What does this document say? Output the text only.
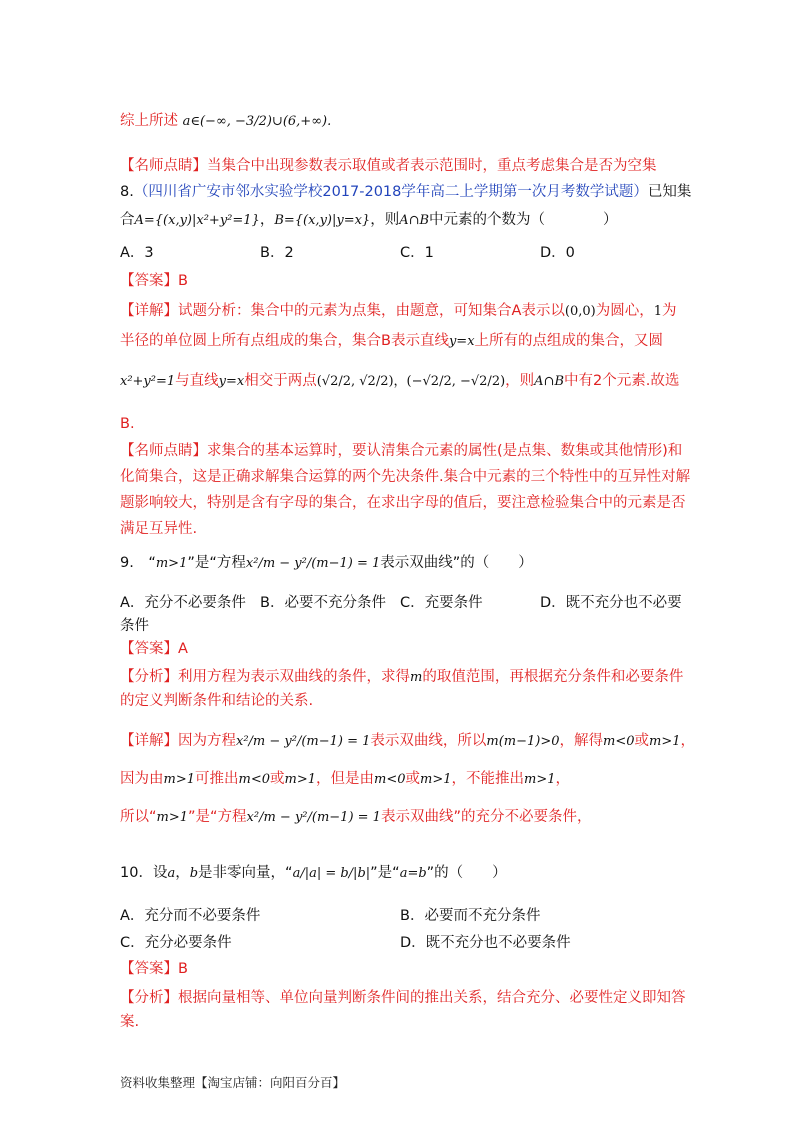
综上所述 a∈(−∞, −3/2)∪(6,+∞).
【名师点睛】当集合中出现参数表示取值或者表示范围时，重点考虑集合是否为空集
8.（四川省广安市邻水实验学校2017-2018学年高二上学期第一次月考数学试题）已知集
合A={(x,y)|x²+y²=1}，B={(x,y)|y=x}，则A∩B中元素的个数为（　　　　）
A．3	B．2	C．1	D．0
【答案】B
【详解】试题分析：集合中的元素为点集，由题意，可知集合A表示以(0,0)为圆心，1为
半径的单位圆上所有点组成的集合，集合B表示直线y=x上所有的点组成的集合，又圆
x²+y²=1与直线y=x相交于两点(√2/2, √2/2)，(−√2/2, −√2/2)，则A∩B中有2个元素.故选
B.
【名师点睛】求集合的基本运算时，要认清集合元素的属性(是点集、数集或其他情形)和
化简集合，这是正确求解集合运算的两个先决条件.集合中元素的三个特性中的互异性对解
题影响较大，特别是含有字母的集合，在求出字母的值后，要注意检验集合中的元素是否
满足互异性.
9.　“m>1”是“方程x²/m − y²/(m−1) = 1表示双曲线”的（　　）
A．充分不必要条件 B．必要不充分条件 C．充要条件	D．既不充分也不必要
条件
【答案】A
【分析】利用方程为表示双曲线的条件，求得m的取值范围，再根据充分条件和必要条件
的定义判断条件和结论的关系.
【详解】因为方程x²/m − y²/(m−1) = 1表示双曲线，所以m(m−1)>0，解得m<0或m>1，
因为由m>1可推出m<0或m>1，但是由m<0或m>1，不能推出m>1，
所以“m>1”是“方程x²/m − y²/(m−1) = 1表示双曲线”的充分不必要条件，
10．设a，b是非零向量，“a/|a| = b/|b|”是“a=b”的（　　）
A．充分而不必要条件	B．必要而不充分条件
C．充分必要条件	D．既不充分也不必要条件
【答案】B
【分析】根据向量相等、单位向量判断条件间的推出关系，结合充分、必要性定义即知答
案.
资料收集整理【淘宝店铺：向阳百分百】
